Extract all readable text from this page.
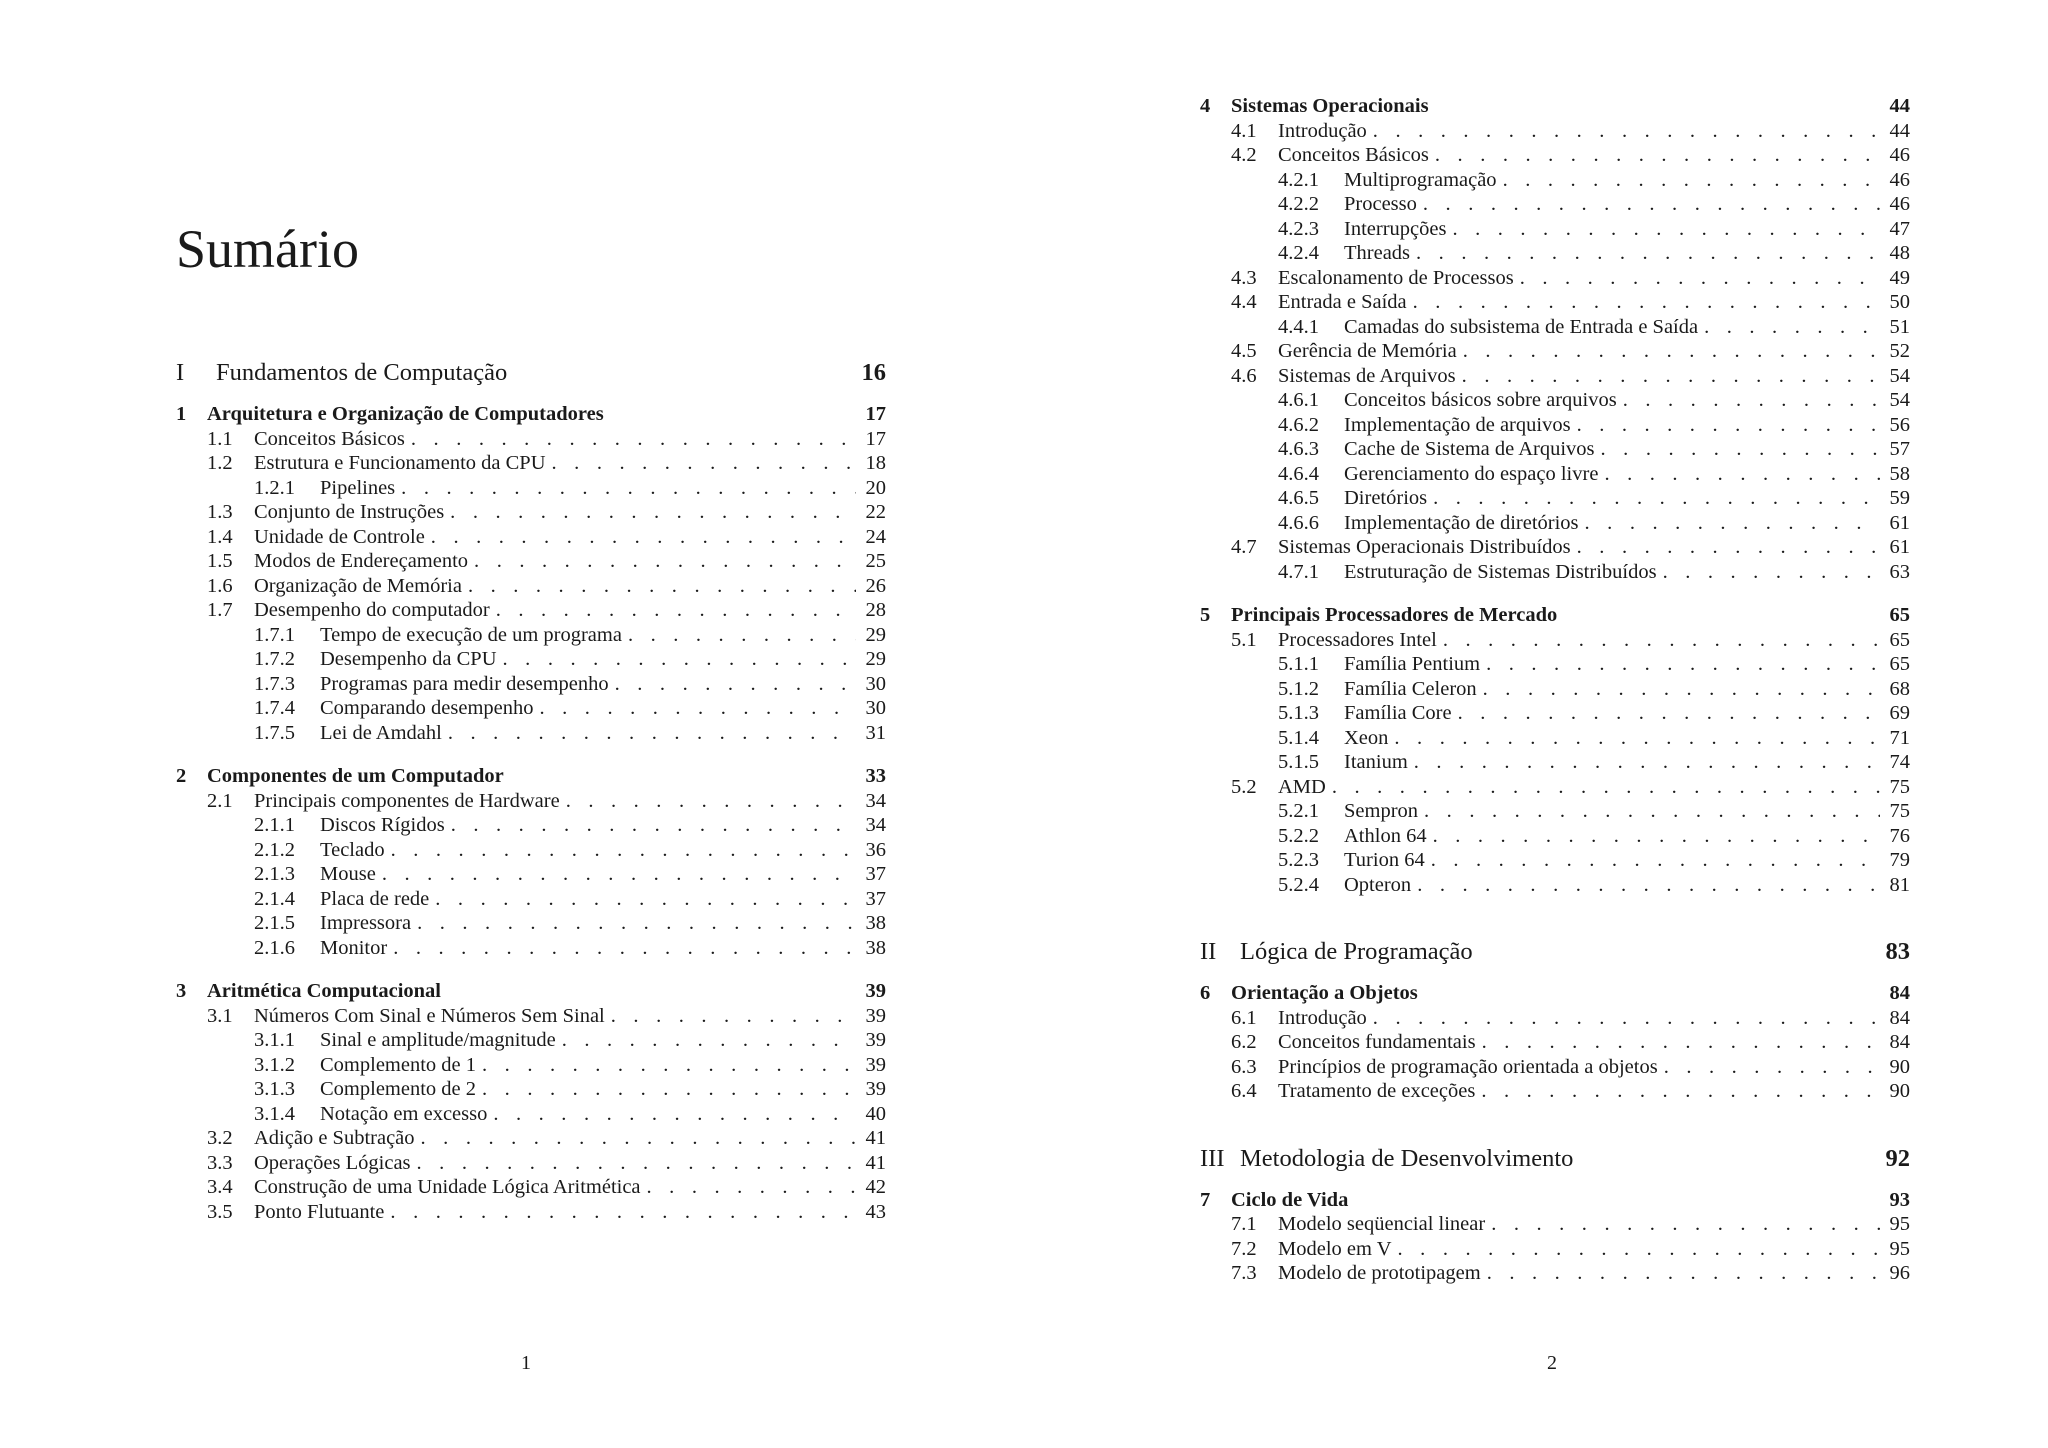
Sumário
I	Fundamentos de Computação	16
1	Arquitetura e Organização de Computadores	17
1.1	Conceitos Básicos . . .	17
1.2	Estrutura e Funcionamento da CPU . . .	18
1.2.1	Pipelines . . .	20
1.3	Conjunto de Instruções . . .	22
1.4	Unidade de Controle . . .	24
1.5	Modos de Endereçamento . . .	25
1.6	Organização de Memória . . .	26
1.7	Desempenho do computador . . .	28
1.7.1	Tempo de execução de um programa . . .	29
1.7.2	Desempenho da CPU . . .	29
1.7.3	Programas para medir desempenho . . .	30
1.7.4	Comparando desempenho . . .	30
1.7.5	Lei de Amdahl . . .	31
2	Componentes de um Computador	33
2.1	Principais componentes de Hardware . . .	34
2.1.1	Discos Rígidos . . .	34
2.1.2	Teclado . . .	36
2.1.3	Mouse . . .	37
2.1.4	Placa de rede . . .	37
2.1.5	Impressora . . .	38
2.1.6	Monitor . . .	38
3	Aritmética Computacional	39
3.1	Números Com Sinal e Números Sem Sinal . . .	39
3.1.1	Sinal e amplitude/magnitude . . .	39
3.1.2	Complemento de 1 . . .	39
3.1.3	Complemento de 2 . . .	39
3.1.4	Notação em excesso . . .	40
3.2	Adição e Subtração . . .	41
3.3	Operações Lógicas . . .	41
3.4	Construção de uma Unidade Lógica Aritmética . . .	42
3.5	Ponto Flutuante . . .	43
1
4	Sistemas Operacionais	44
4.1	Introdução . . .	44
4.2	Conceitos Básicos . . .	46
4.2.1	Multiprogramação . . .	46
4.2.2	Processo . . .	46
4.2.3	Interrupções . . .	47
4.2.4	Threads . . .	48
4.3	Escalonamento de Processos . . .	49
4.4	Entrada e Saída . . .	50
4.4.1	Camadas do subsistema de Entrada e Saída . . .	51
4.5	Gerência de Memória . . .	52
4.6	Sistemas de Arquivos . . .	54
4.6.1	Conceitos básicos sobre arquivos . . .	54
4.6.2	Implementação de arquivos . . .	56
4.6.3	Cache de Sistema de Arquivos . . .	57
4.6.4	Gerenciamento do espaço livre . . .	58
4.6.5	Diretórios . . .	59
4.6.6	Implementação de diretórios . . .	61
4.7	Sistemas Operacionais Distribuídos . . .	61
4.7.1	Estruturação de Sistemas Distribuídos . . .	63
5	Principais Processadores de Mercado	65
5.1	Processadores Intel . . .	65
5.1.1	Família Pentium . . .	65
5.1.2	Família Celeron . . .	68
5.1.3	Família Core . . .	69
5.1.4	Xeon . . .	71
5.1.5	Itanium . . .	74
5.2	AMD . . .	75
5.2.1	Sempron . . .	75
5.2.2	Athlon 64 . . .	76
5.2.3	Turion 64 . . .	79
5.2.4	Opteron . . .	81
II Lógica de Programação	83
6	Orientação a Objetos	84
6.1	Introdução . . .	84
6.2	Conceitos fundamentais . . .	84
6.3	Princípios de programação orientada a objetos . . .	90
6.4	Tratamento de exceções . . .	90
III Metodologia de Desenvolvimento	92
7	Ciclo de Vida	93
7.1	Modelo seqüencial linear . . .	95
7.2	Modelo em V . . .	95
7.3	Modelo de prototipagem . . .	96
2
